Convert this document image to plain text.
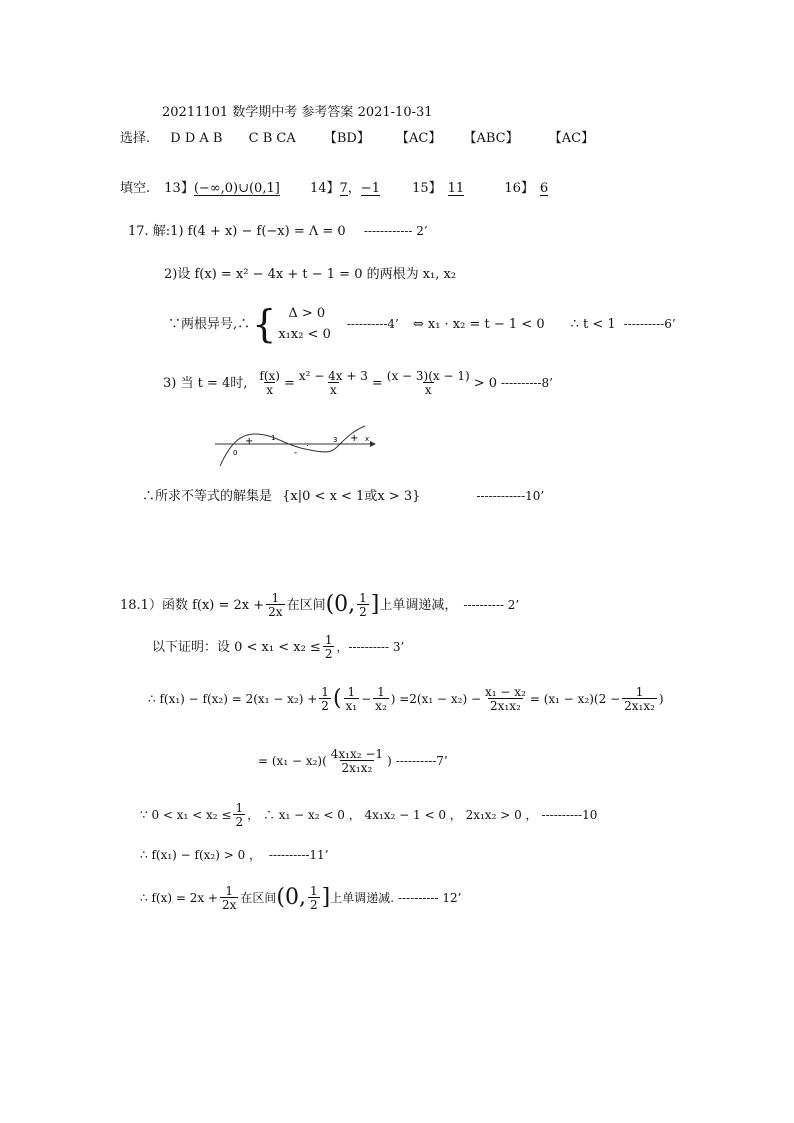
20211101 数学期中考 参考答案 2021-10-31
选择. D D A B C B CA 【BD】 【AC】 【ABC】 【AC】
填空. 13】(−∞,0)∪(0,1] 14】7，−1 15】 11	16】 6
17. 解:1) f(4 + x) − f(−x) = Λ = 0 ------------ 2’
2)设 f(x) = x² − 4x + t − 1 = 0 的两根为 x₁, x₂
∵两根异号,∴ { Δ > 0
x₁x₂ < 0
----------4’ ⇔ x₁ · x₂ = t − 1 < 0 ∴ t < 1 ----------6’
3) 当 t = 4时, $\frac{f(x)}{x} = \frac{\text{x² − 4x + 3}}{x} = \frac{(x - 3)(x - 1)}{x} > 0$ ----------8’
0
1	3	x
+	+
-
.
∴所求不等式的解集是 {x|0 < x < 1或x > 3}	------------10’
18.1）函数 $f(x) = 2x + \frac{1}{2x}$ 在区间 (0, 1
2 ] 上单调递减， ---------- 2’
以下证明：设 $0 < x_1 < x_2 \le \frac{1}{2}$ ，---------- 3’
∴ $f(x_1) - f(x_2) = 2(x_1 - x_2) + \frac{1}{2}$ ( 1
$x_1 - \frac{1}{\text{x₂}}$ ) $=2(x_1 - x_2) - \frac{\text{x₁ − x₂}}{\text{2x₁x₂}} = (x_1 - x_2)(2 - \frac{1}{\text{2x₁x₂}}$ )
= (x₁ − x₂)( 4x₁x₂ −1
2x₁x₂ ) ----------7’
∵ $0 < x_1 < x_2 \le \frac{1}{2}$ ， ∴ x₁ − x₂ < 0 ， 4x₁x₂ − 1 < 0 ， 2x₁x₂ > 0 ， ----------10
∴ f(x₁) − f(x₂) > 0 ， ----------11’
∴ $f(x) = 2x + \frac{1}{2x}$ 在区间 (0, 1
2 ] 上单调递减. ---------- 12’
